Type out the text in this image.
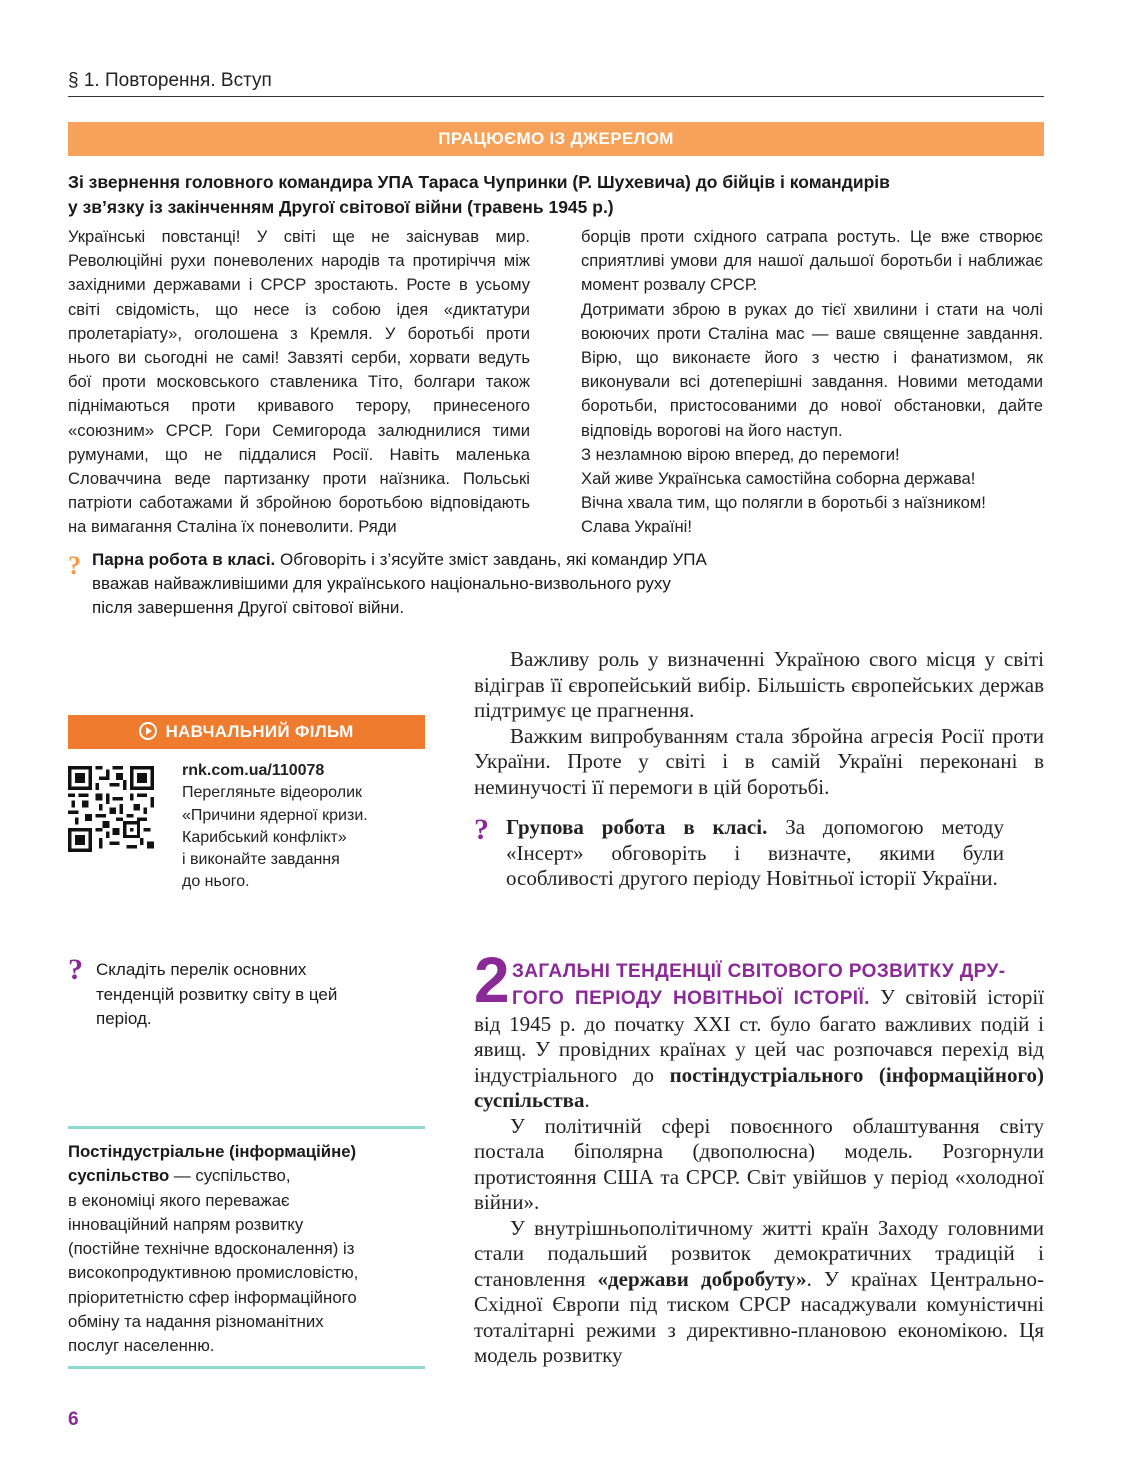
§ 1. Повторення. Вступ
ПРАЦЮЄМО ІЗ ДЖЕРЕЛОМ
Зі звернення головного командира УПА Тараса Чупринки (Р. Шухевича) до бійців і командирів
у зв’язку із закінченням Другої світової війни (травень 1945 р.)

Українські повстанці! У світі ще не заіснував мир. Революційні рухи поневолених народів та протиріччя між західними державами і СРСР зростають. Росте в усьому світі свідомість, що несе із собою ідея «диктатури пролетаріату», оголошена з Кремля. У боротьбі проти нього ви сьогодні не самі! Завзяті серби, хорвати ведуть бої проти московського ставленика Тіто, болгари також піднімаються проти кривавого терору, принесеного «союзним» СРСР. Гори Семигорода залюднилися тими румунами, що не піддалися Росії. Навіть маленька Словаччина веде партизанку проти наїзника. Польські патріоти саботажами й збройною боротьбою відповідають на вимагання Сталіна їх поневолити. Ряди

борців проти східного сатрапа ростуть. Це вже створює сприятливі умови для нашої дальшої боротьби і наближає момент розвалу СРСР.

Дотримати зброю в руках до тієї хвилини і стати на чолі воюючих проти Сталіна мас — ваше священне завдання. Вірю, що виконаєте його з честю і фанатизмом, як виконували всі дотеперішні завдання. Новими методами боротьби, пристосованими до нової обстановки, дайте відповідь ворогові на його наступ.

З незламною вірою вперед, до перемоги!

Хай живе Українська самостійна соборна держава!

Вічна хвала тим, що полягли в боротьбі з наїзником!

Слава Україні!

? Парна робота в класі. Обговоріть і з’ясуйте зміст завдань, які командир УПА
вважав найважливішими для українського національно-визвольного руху
після завершення Другої світової війни.

Важливу роль у визначенні Україною свого місця у світі відіграв її європейський вибір. Більшість європейських держав підтримує це прагнення.

Важким випробуванням стала збройна агресія Росії проти України. Проте у світі і в самій Україні переконані в неминучості її перемоги в цій боротьбі.

? Групова робота в класі. За допомогою методу «Інсерт» обговоріть і визначте, якими були особливості другого періоду Новітньої історії України.
2 ЗАГАЛЬНІ ТЕНДЕНЦІЇ СВІТОВОГО РОЗВИТКУ ДРУ-

ГОГО ПЕРІОДУ НОВІТНЬОЇ ІСТОРІЇ. У світовій історії від 1945 р. до початку XXI ст. було багато важливих подій і явищ. У провідних країнах у цей час розпочався перехід від індустріального до постіндустріального (інформаційного) суспільства.

У політичній сфері повоєнного облаштування світу постала біполярна (двополюсна) модель. Розгорнули протистояння США та СРСР. Світ увійшов у період «холодної війни».

У внутрішньополітичному житті країн Заходу головними стали подальший розвиток демократичних традицій і становлення «держави добробуту». У країнах Центрально-Східної Європи під тиском СРСР насаджували комуністичні тоталітарні режими з директивно-плановою економікою. Ця модель розвитку

НАВЧАЛЬНИЙ ФІЛЬМ
rnk.com.ua/110078
Перегляньте відеоролик
«Причини ядерної кризи.
Карибський конфлікт»
і виконайте завдання
до нього.
? Складіть перелік основних
тенденцій розвитку світу в цей
період.
Постіндустріальне (інформаційне)
суспільство — суспільство,
в економіці якого переважає
інноваційний напрям розвитку
(постійне технічне вдосконалення) із
високопродуктивною промисловістю,
пріоритетністю сфер інформаційного
обміну та надання різноманітних
послуг населенню.
6
